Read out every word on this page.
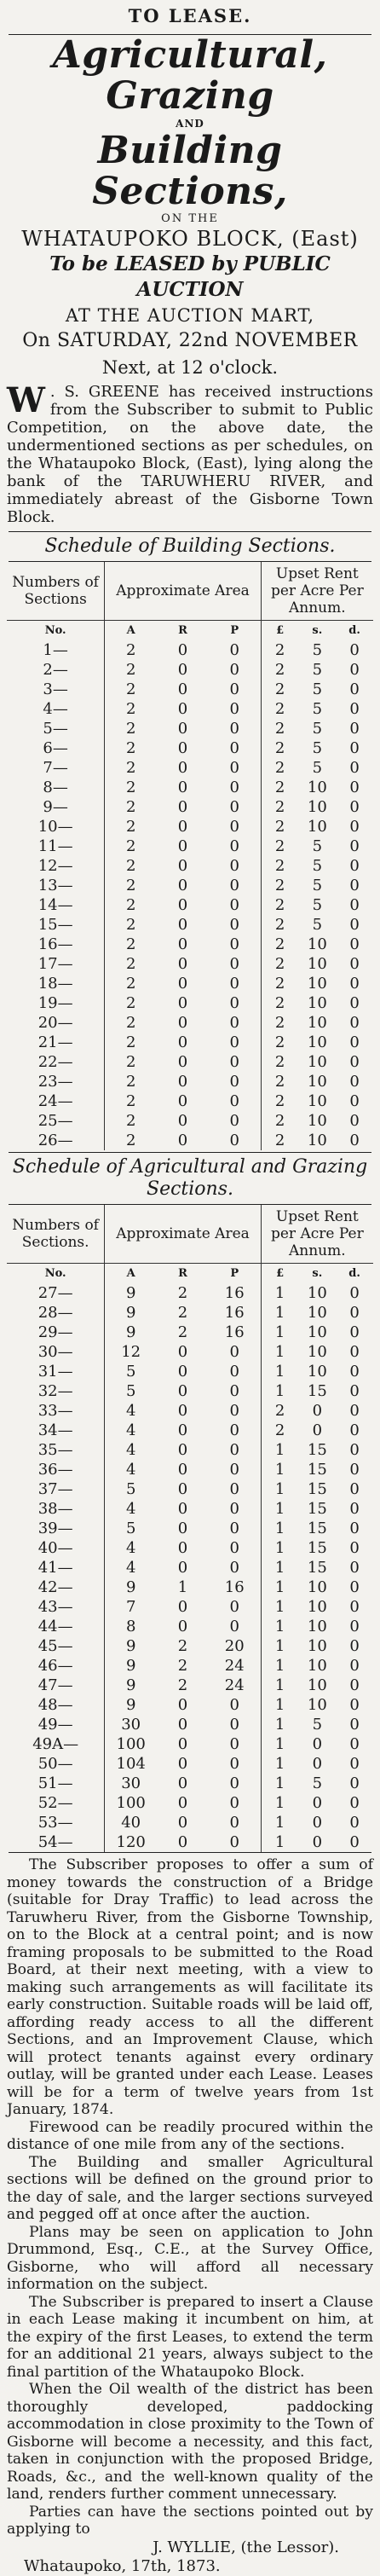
TO LEASE.
Agricultural, Grazing
AND
Building Sections,
ON THE
WHATAUPOKO BLOCK, (East)
To be LEASED by PUBLIC AUCTION
AT THE AUCTION MART,
On SATURDAY, 22nd NOVEMBER
Next, at 12 o'clock.
W . S. GREENE has received instructions from the Subscriber to submit to Public Competition, on the above date, the undermentioned sections as per schedules, on the Whataupoko Block, (East), lying along the bank of the TARUWHERU RIVER, and immediately abreast of the Gisborne Town Block.
Schedule of Building Sections.
Numbers of Sections	Approximate Area			Upset Rent per Acre Per Annum.		
No.	A	R	P	£	s.	d.
1—	2	0	0	2	5	0
2—	2	0	0	2	5	0
3—	2	0	0	2	5	0
4—	2	0	0	2	5	0
5—	2	0	0	2	5	0
6—	2	0	0	2	5	0
7—	2	0	0	2	5	0
8—	2	0	0	2	10	0
9—	2	0	0	2	10	0
10—	2	0	0	2	10	0
11—	2	0	0	2	5	0
12—	2	0	0	2	5	0
13—	2	0	0	2	5	0
14—	2	0	0	2	5	0
15—	2	0	0	2	5	0
16—	2	0	0	2	10	0
17—	2	0	0	2	10	0
18—	2	0	0	2	10	0
19—	2	0	0	2	10	0
20—	2	0	0	2	10	0
21—	2	0	0	2	10	0
22—	2	0	0	2	10	0
23—	2	0	0	2	10	0
24—	2	0	0	2	10	0
25—	2	0	0	2	10	0
26—	2	0	0	2	10	0
Schedule of Agricultural and Grazing
Sections.
Numbers of Sections.	Approximate Area			Upset Rent per Acre Per Annum.		
No.	A	R	P	£	s.	d.
27—	9	2	16	1	10	0
28—	9	2	16	1	10	0
29—	9	2	16	1	10	0
30—	12	0	0	1	10	0
31—	5	0	0	1	10	0
32—	5	0	0	1	15	0
33—	4	0	0	2	0	0
34—	4	0	0	2	0	0
35—	4	0	0	1	15	0
36—	4	0	0	1	15	0
37—	5	0	0	1	15	0
38—	4	0	0	1	15	0
39—	5	0	0	1	15	0
40—	4	0	0	1	15	0
41—	4	0	0	1	15	0
42—	9	1	16	1	10	0
43—	7	0	0	1	10	0
44—	8	0	0	1	10	0
45—	9	2	20	1	10	0
46—	9	2	24	1	10	0
47—	9	2	24	1	10	0
48—	9	0	0	1	10	0
49—	30	0	0	1	5	0
49A—	100	0	0	1	0	0
50—	104	0	0	1	0	0
51—	30	0	0	1	5	0
52—	100	0	0	1	0	0
53—	40	0	0	1	0	0
54—	120	0	0	1	0	0
The Subscriber proposes to offer a sum of money towards the construction of a Bridge (suitable for Dray Traffic) to lead across the Taruwheru River, from the Gisborne Township, on to the Block at a central point; and is now framing proposals to be submitted to the Road Board, at their next meeting, with a view to making such arrangements as will facilitate its early construction. Suitable roads will be laid off, affording ready access to all the different Sections, and an Improvement Clause, which will protect tenants against every ordinary outlay, will be granted under each Lease. Leases will be for a term of twelve years from 1st January, 1874.
Firewood can be readily procured within the distance of one mile from any of the sections.
The Building and smaller Agricultural sections will be defined on the ground prior to the day of sale, and the larger sections surveyed and pegged off at once after the auction.
Plans may be seen on application to John Drummond, Esq., C.E., at the Survey Office, Gisborne, who will afford all necessary information on the subject.
The Subscriber is prepared to insert a Clause in each Lease making it incumbent on him, at the expiry of the first Leases, to extend the term for an additional 21 years, always subject to the final partition of the Whataupoko Block.
When the Oil wealth of the district has been thoroughly developed, paddocking accommodation in close proximity to the Town of Gisborne will become a necessity, and this fact, taken in conjunction with the proposed Bridge, Roads, &c., and the well-known quality of the land, renders further comment unnecessary.
Parties can have the sections pointed out by applying to
J. WYLLIE, (the Lessor).
Whataupoko, 17th, 1873.
